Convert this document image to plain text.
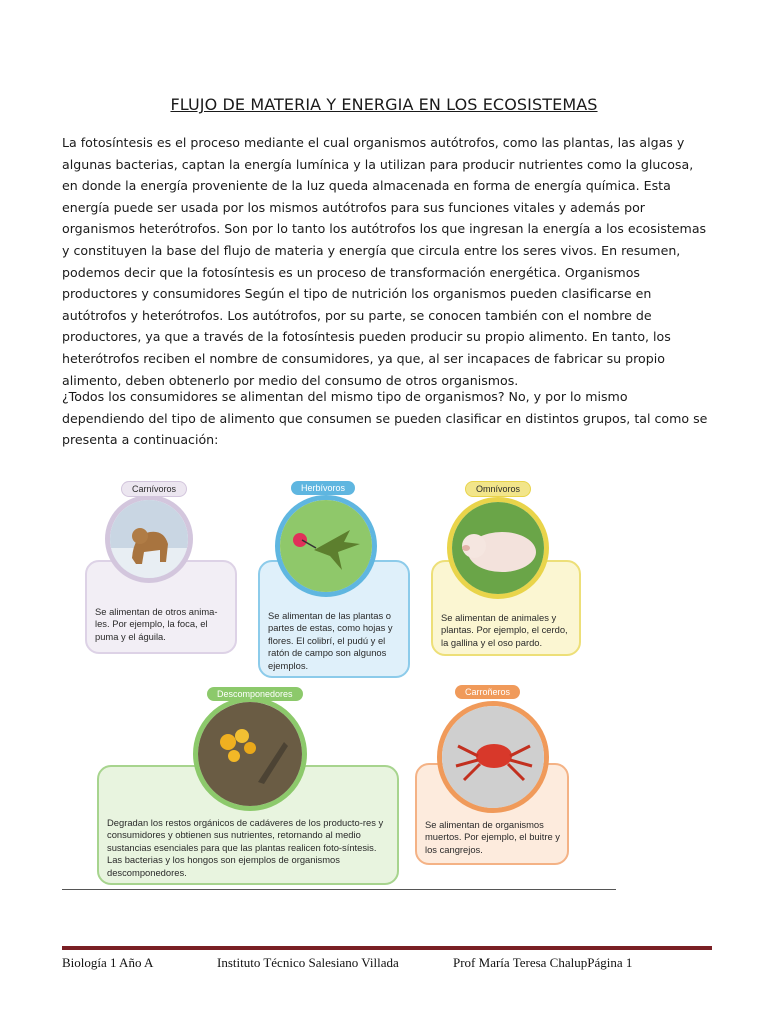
FLUJO DE MATERIA Y ENERGIA EN LOS ECOSISTEMAS
La fotosíntesis es el proceso mediante el cual organismos autótrofos, como las plantas, las algas y algunas bacterias, captan la energía lumínica y la utilizan para producir nutrientes como la glucosa, en donde la energía proveniente de la luz queda almacenada en forma de energía química. Esta energía puede ser usada por los mismos autótrofos para sus funciones vitales y además por organismos heterótrofos. Son por lo tanto los autótrofos los que ingresan la energía a los ecosistemas y constituyen la base del flujo de materia y energía que circula entre los seres vivos. En resumen, podemos decir que la fotosíntesis es un proceso de transformación energética. Organismos productores y consumidores Según el tipo de nutrición los organismos pueden clasificarse en autótrofos y heterótrofos. Los autótrofos, por su parte, se conocen también con el nombre de productores, ya que a través de la fotosíntesis pueden producir su propio alimento. En tanto, los heterótrofos reciben el nombre de consumidores, ya que, al ser incapaces de fabricar su propio alimento, deben obtenerlo por medio del consumo de otros organismos.
¿Todos los consumidores se alimentan del mismo tipo de organismos? No, y por lo mismo dependiendo del tipo de alimento que consumen se pueden clasificar en distintos grupos, tal como se presenta a continuación:
Se alimentan de otros anima-les. Por ejemplo, la foca, el puma y el águila.
Carnívoros
Se alimentan de las plantas o partes de estas, como hojas y flores. El colibrí, el pudú y el ratón de campo son algunos ejemplos.
Herbívoros
Se alimentan de animales y plantas. Por ejemplo, el cerdo, la gallina y el oso pardo.
Omnívoros
Degradan los restos orgánicos de cadáveres de los producto-res y consumidores y obtienen sus nutrientes, retornando al medio sustancias esenciales para que las plantas realicen foto-síntesis. Las bacterias y los hongos son ejemplos de organismos descomponedores.
Descomponedores
Se alimentan de organismos muertos. Por ejemplo, el buitre y los cangrejos.
Carroñeros
Biología 1 Año A	Instituto Técnico Salesiano Villada	Prof María Teresa ChalupPágina 1
